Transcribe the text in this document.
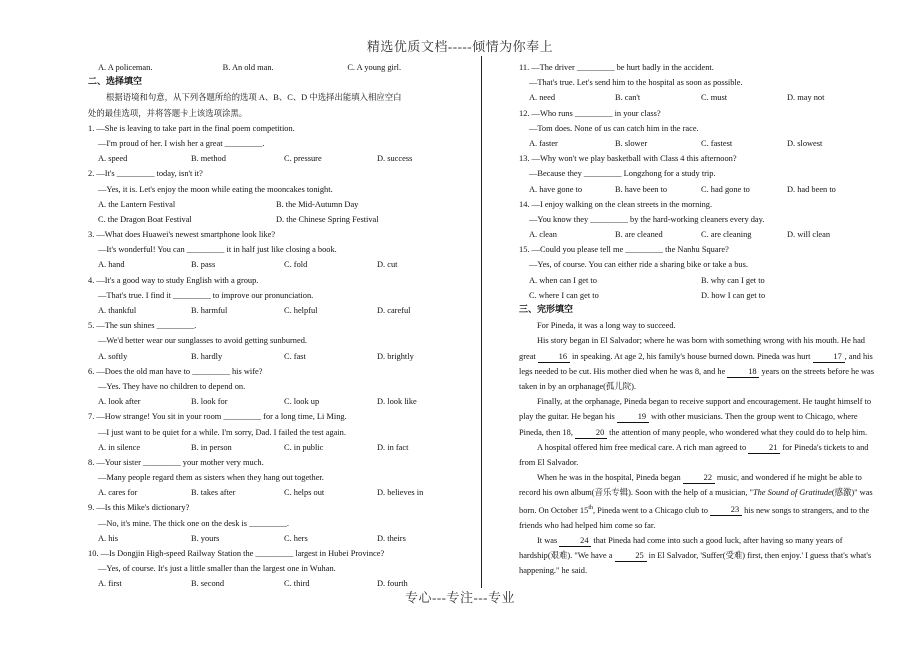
精选优质文档-----倾情为你奉上
A. A policeman.	B. An old man.	C. A young girl.
二、选择填空
根据语境和句意，从下列各题所给的选项 A、B、C、D 中选择出能填入相应空白
处的最佳选项，并将答题卡上该选项涂黑。
1. —She is leaving to take part in the final poem competition.
—I'm proud of her. I wish her a great _________.
A. speed	B. method	C. pressure	D. success
2. —It's _________ today, isn't it?
—Yes, it is. Let's enjoy the moon while eating the mooncakes tonight.
A. the Lantern Festival	B. the Mid-Autumn Day
C. the Dragon Boat Festival	D. the Chinese Spring Festival
3. —What does Huawei's newest smartphone look like?
—It's wonderful! You can _________ it in half just like closing a book.
A. hand	B. pass	C. fold	D. cut
4. —It's a good way to study English with a group.
—That's true. I find it _________ to improve our pronunciation.
A. thankful	B. harmful	C. helpful	D. careful
5. —The sun shines _________.
—We'd better wear our sunglasses to avoid getting sunburned.
A. softly	B. hardly	C. fast	D. brightly
6. —Does the old man have to _________ his wife?
—Yes. They have no children to depend on.
A. look after	B. look for	C. look up	D. look like
7. —How strange! You sit in your room _________ for a long time, Li Ming.
—I just want to be quiet for a while. I'm sorry, Dad. I failed the test again.
A. in silence	B. in person	C. in public	D. in fact
8. —Your sister _________ your mother very much.
—Many people regard them as sisters when they hang out together.
A. cares for	B. takes after	C. helps out	D. believes in
9. —Is this Mike's dictionary?
—No, it's mine. The thick one on the desk is _________.
A. his	B. yours	C. hers	D. theirs
10. —Is Dongjin High-speed Railway Station the _________ largest in Hubei Province?
—Yes, of course. It's just a little smaller than the largest one in Wuhan.
A. first	B. second	C. third	D. fourth
11. —The driver _________ be hurt badly in the accident.
—That's true. Let's send him to the hospital as soon as possible.
A. need	B. can't	C. must	D. may not
12. —Who runs _________ in your class?
—Tom does. None of us can catch him in the race.
A. faster	B. slower	C. fastest	D. slowest
13. —Why won't we play basketball with Class 4 this afternoon?
—Because they _________ Longzhong for a study trip.
A. have gone to	B. have been to	C. had gone to	D. had been to
14. —I enjoy walking on the clean streets in the morning.
—You know they _________ by the hard-working cleaners every day.
A. clean	B. are cleaned	C. are cleaning	D. will clean
15. —Could you please tell me _________ the Nanhu Square?
—Yes, of course. You can either ride a sharing bike or take a bus.
A. when can I get to	B. why can I get to
C. where I can get to	D. how I can get to
三、完形填空
For Pineda, it was a long way to succeed.
His story began in El Salvador; where he was born with something wrong with his mouth. He had great	16 in speaking. At age 2, his family's house burned down. Pineda was hurt	17 , and his legs needed to be cut. His mother died when he was 8, and he	18 years on the streets before he was taken in by an orphanage(孤儿院).
Finally, at the orphanage, Pineda began to receive support and encouragement. He taught himself to play the guitar. He began his	19 with other musicians. Then the group went to Chicago, where Pineda, then 18,	20 the attention of many people, who wondered what they could do to help him.
A hospital offered him free medical care. A rich man agreed to	21 for Pineda's tickets to and from El Salvador.
When he was in the hospital, Pineda began	22 music, and wondered if he might be able to record his own album(音乐专辑). Soon with the help of a musician, "The Sound of Gratitude(感激)" was born. On October 15th, Pineda went to a Chicago club to	23 his new songs to strangers, and to the friends who had helped him come so far.
It was	24 that Pineda had come into such a good luck, after having so many years of hardship(艰难). "We have a	25 in El Salvador, 'Suffer(受难) first, then enjoy.' I guess that's what's happening." he said.
专心---专注---专业
